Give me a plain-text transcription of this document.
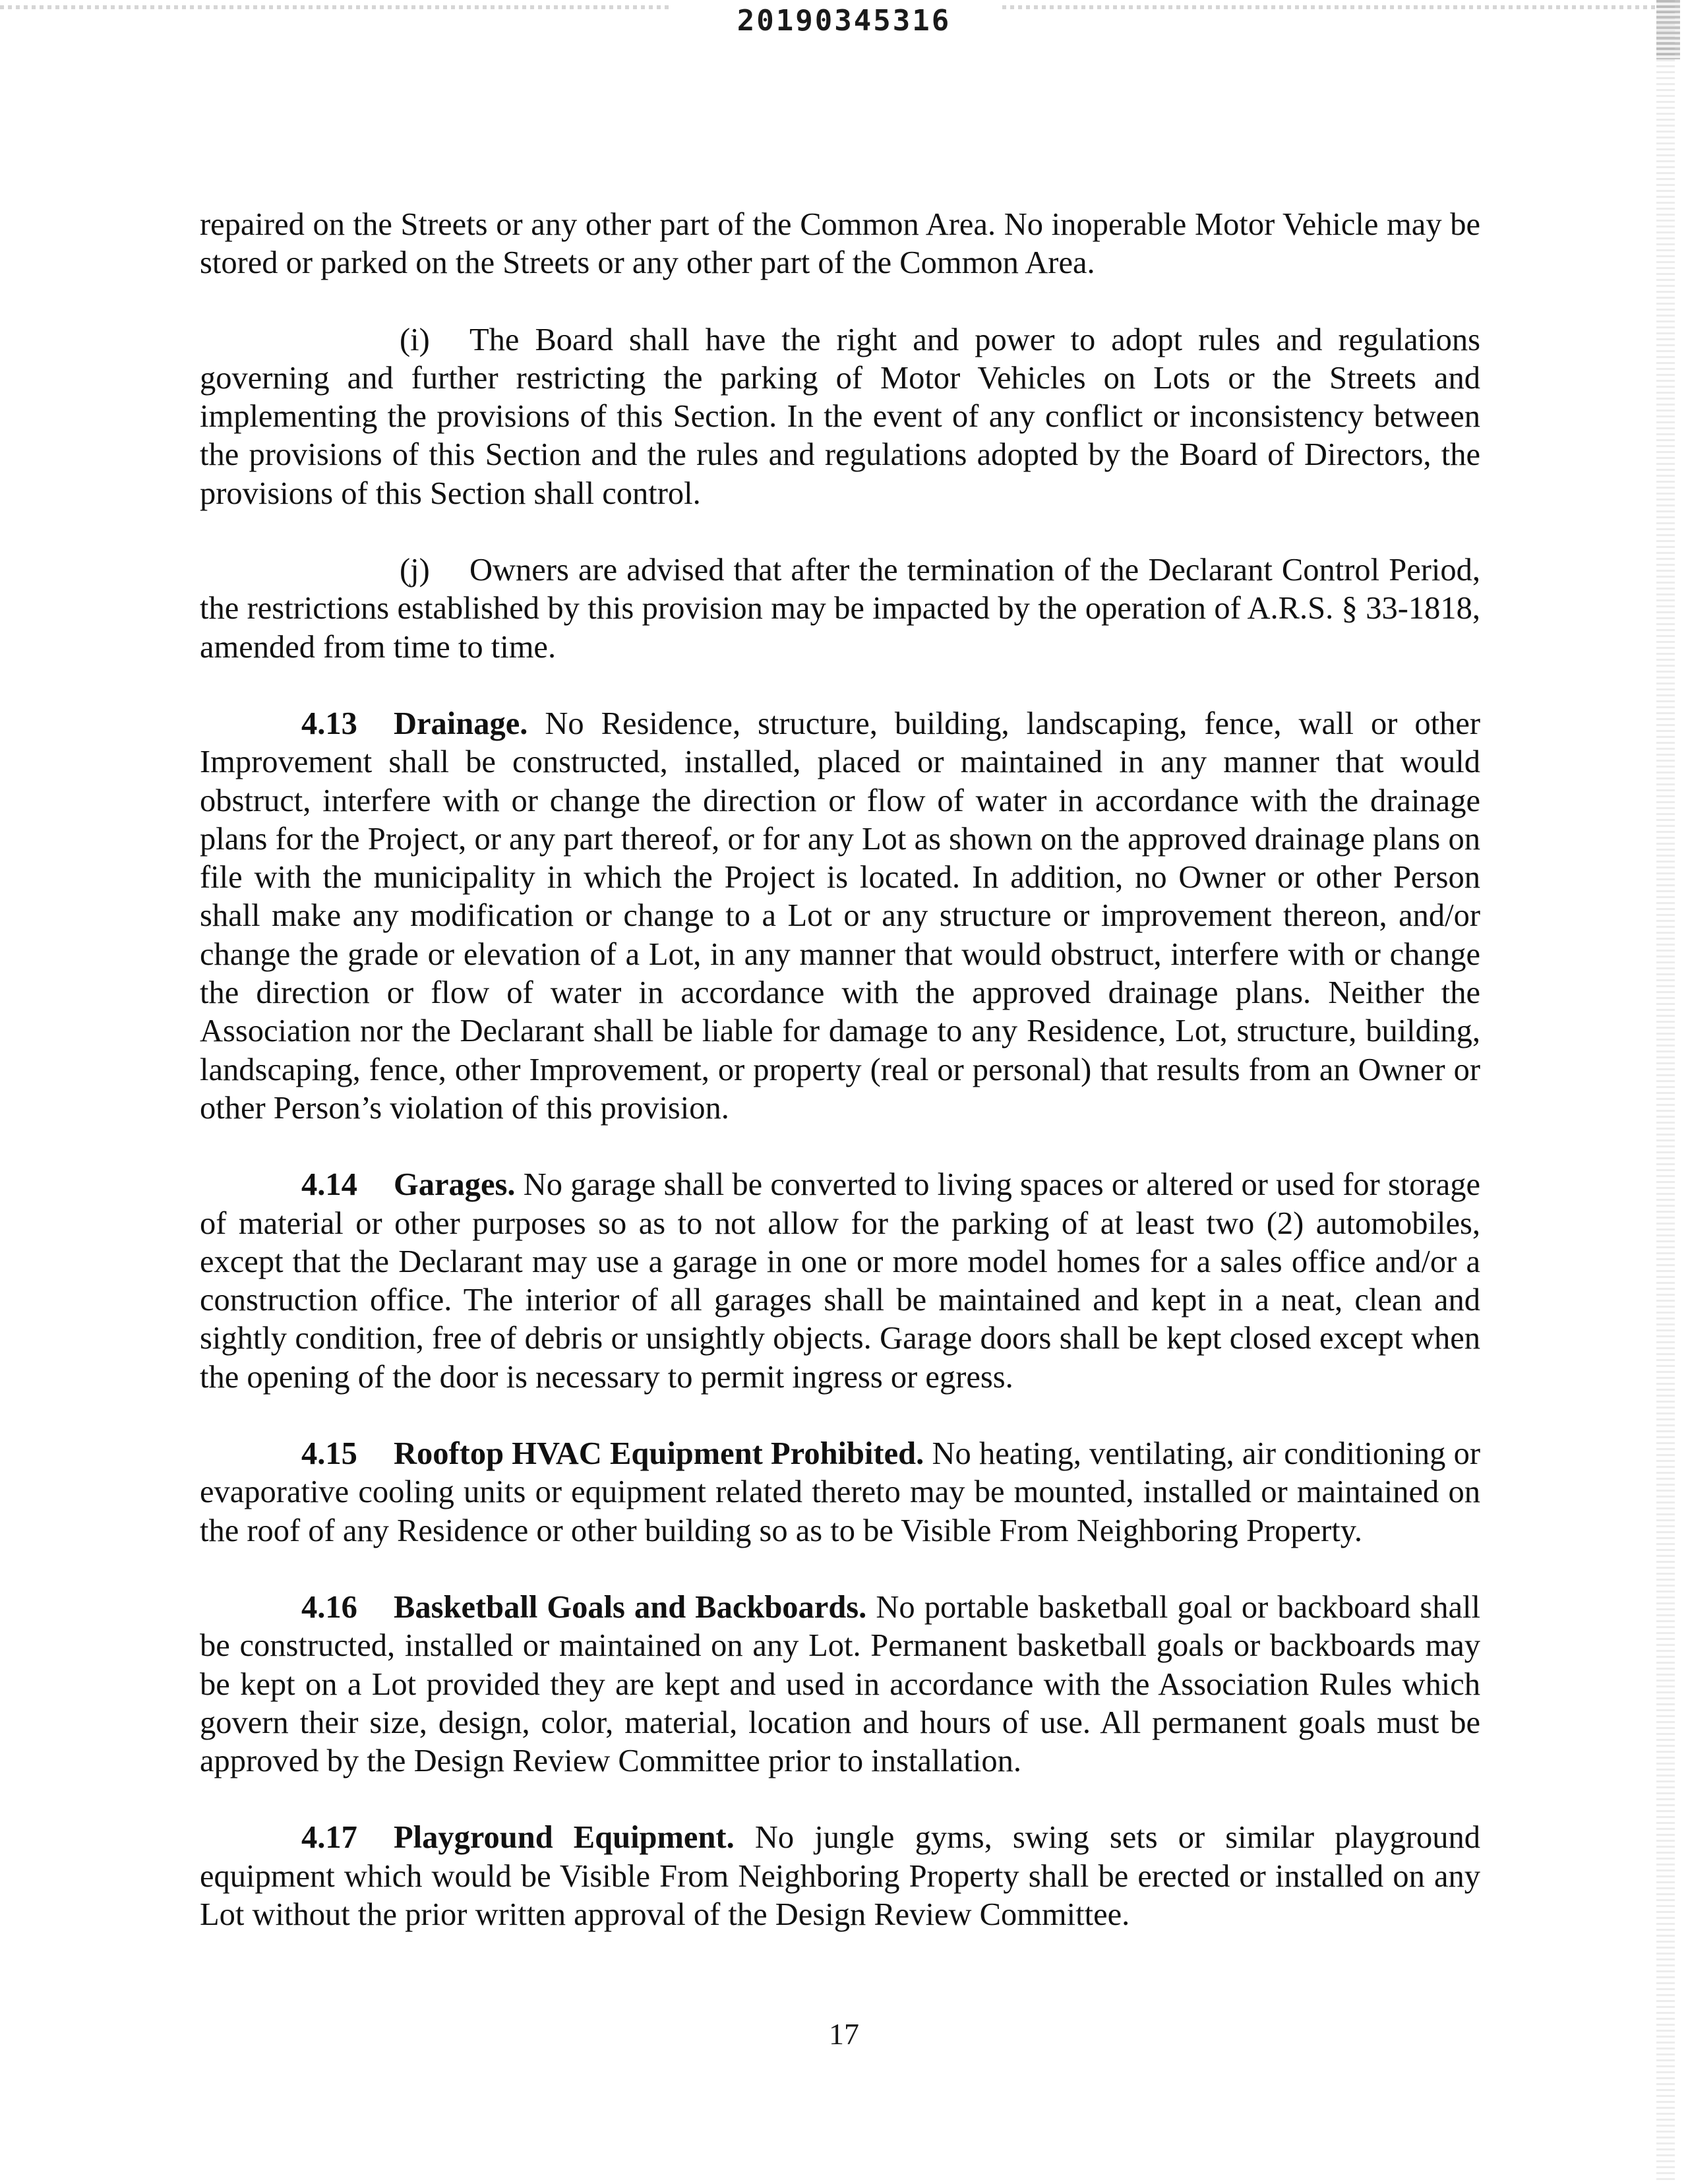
20190345316

repaired on the Streets or any other part of the Common Area. No inoperable Motor Vehicle may be stored or parked on the Streets or any other part of the Common Area.

(i) The Board shall have the right and power to adopt rules and regulations governing and further restricting the parking of Motor Vehicles on Lots or the Streets and implementing the provisions of this Section. In the event of any conflict or inconsistency between the provisions of this Section and the rules and regulations adopted by the Board of Directors, the provisions of this Section shall control.

(j) Owners are advised that after the termination of the Declarant Control Period, the restrictions established by this provision may be impacted by the operation of A.R.S. § 33-1818, amended from time to time.

4.13 Drainage. No Residence, structure, building, landscaping, fence, wall or other Improvement shall be constructed, installed, placed or maintained in any manner that would obstruct, interfere with or change the direction or flow of water in accordance with the drainage plans for the Project, or any part thereof, or for any Lot as shown on the approved drainage plans on file with the municipality in which the Project is located. In addition, no Owner or other Person shall make any modification or change to a Lot or any structure or improvement thereon, and/or change the grade or elevation of a Lot, in any manner that would obstruct, interfere with or change the direction or flow of water in accordance with the approved drainage plans. Neither the Association nor the Declarant shall be liable for damage to any Residence, Lot, structure, building, landscaping, fence, other Improvement, or property (real or personal) that results from an Owner or other Person’s violation of this provision.

4.14 Garages. No garage shall be converted to living spaces or altered or used for storage of material or other purposes so as to not allow for the parking of at least two (2) automobiles, except that the Declarant may use a garage in one or more model homes for a sales office and/or a construction office. The interior of all garages shall be maintained and kept in a neat, clean and sightly condition, free of debris or unsightly objects. Garage doors shall be kept closed except when the opening of the door is necessary to permit ingress or egress.

4.15 Rooftop HVAC Equipment Prohibited. No heating, ventilating, air conditioning or evaporative cooling units or equipment related thereto may be mounted, installed or maintained on the roof of any Residence or other building so as to be Visible From Neighboring Property.

4.16 Basketball Goals and Backboards. No portable basketball goal or backboard shall be constructed, installed or maintained on any Lot. Permanent basketball goals or backboards may be kept on a Lot provided they are kept and used in accordance with the Association Rules which govern their size, design, color, material, location and hours of use. All permanent goals must be approved by the Design Review Committee prior to installation.

4.17 Playground Equipment. No jungle gyms, swing sets or similar playground equipment which would be Visible From Neighboring Property shall be erected or installed on any Lot without the prior written approval of the Design Review Committee.

17
